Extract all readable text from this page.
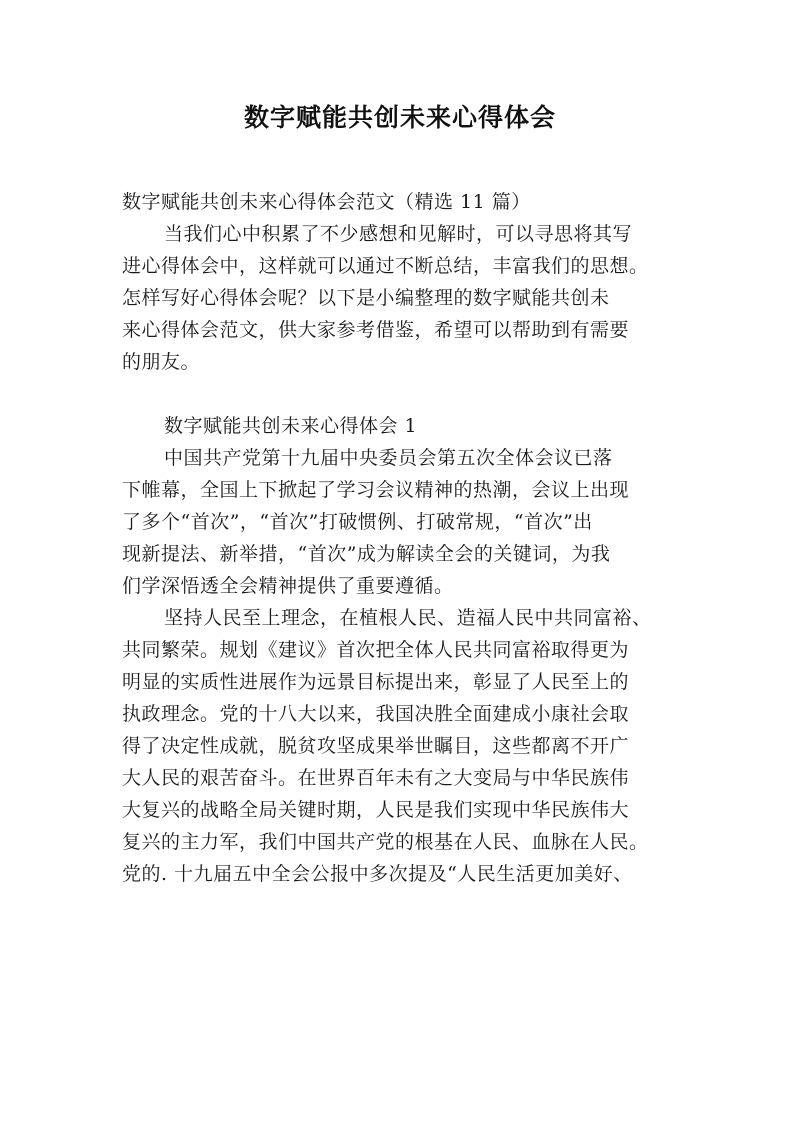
数字赋能共创未来心得体会
数字赋能共创未来心得体会范文（精选 11 篇）
当我们心中积累了不少感想和见解时，可以寻思将其写
进心得体会中，这样就可以通过不断总结，丰富我们的思想。
怎样写好心得体会呢？以下是小编整理的数字赋能共创未
来心得体会范文，供大家参考借鉴，希望可以帮助到有需要
的朋友。
数字赋能共创未来心得体会 1
中国共产党第十九届中央委员会第五次全体会议已落
下帷幕，全国上下掀起了学习会议精神的热潮，会议上出现
了多个“首次”，“首次”打破惯例、打破常规，“首次”出
现新提法、新举措，“首次”成为解读全会的关键词，为我
们学深悟透全会精神提供了重要遵循。
坚持人民至上理念，在植根人民、造福人民中共同富裕、
共同繁荣。规划《建议》首次把全体人民共同富裕取得更为
明显的实质性进展作为远景目标提出来，彰显了人民至上的
执政理念。党的十八大以来，我国决胜全面建成小康社会取
得了决定性成就，脱贫攻坚成果举世瞩目，这些都离不开广
大人民的艰苦奋斗。在世界百年未有之大变局与中华民族伟
大复兴的战略全局关键时期，人民是我们实现中华民族伟大
复兴的主力军，我们中国共产党的根基在人民、血脉在人民。
党的. 十九届五中全会公报中多次提及“人民生活更加美好、
